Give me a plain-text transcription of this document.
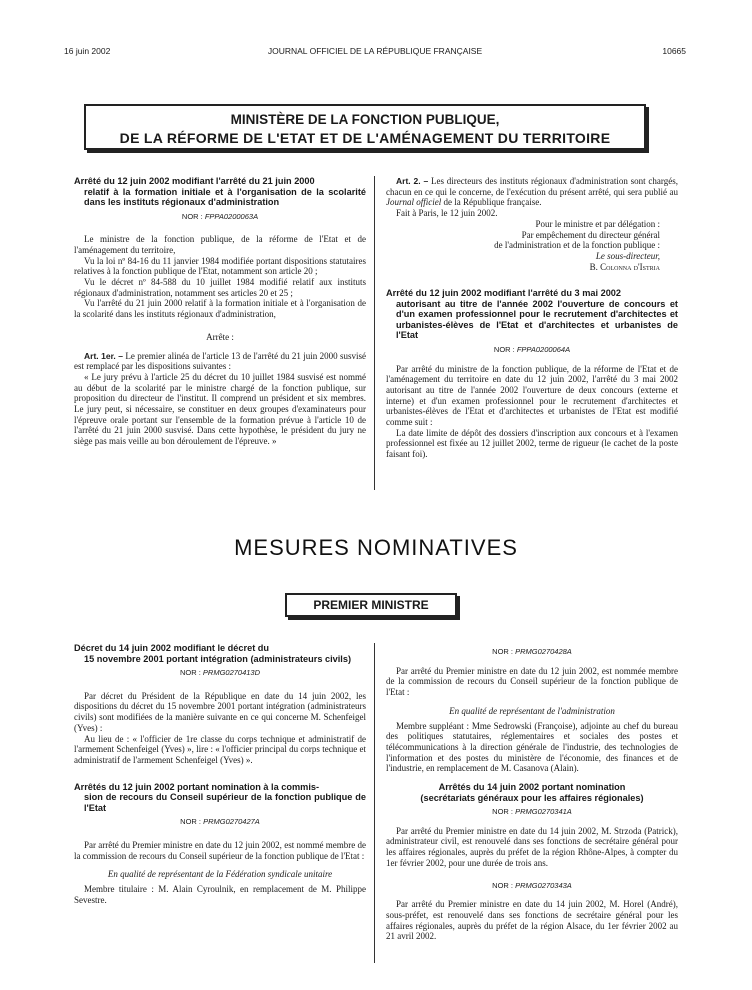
16 juin 2002	JOURNAL OFFICIEL DE LA RÉPUBLIQUE FRANÇAISE	10665
MINISTÈRE DE LA FONCTION PUBLIQUE,
DE LA RÉFORME DE L'ETAT ET DE L'AMÉNAGEMENT DU TERRITOIRE

Arrêté du 12 juin 2002 modifiant l'arrêté du 21 juin 2000
relatif à la formation initiale et à l'organisation de la scolarité dans les instituts régionaux d'administration

NOR : FPPA0200063A

Le ministre de la fonction publique, de la réforme de l'Etat et de l'aménagement du territoire,

Vu la loi nº 84-16 du 11 janvier 1984 modifiée portant dispositions statutaires relatives à la fonction publique de l'Etat, notamment son article 20 ;

Vu le décret nº 84-588 du 10 juillet 1984 modifié relatif aux instituts régionaux d'administration, notamment ses articles 20 et 25 ;

Vu l'arrêté du 21 juin 2000 relatif à la formation initiale et à l'organisation de la scolarité dans les instituts régionaux d'administration,

Arrête :

Art. 1er. – Le premier alinéa de l'article 13 de l'arrêté du 21 juin 2000 susvisé est remplacé par les dispositions suivantes :

« Le jury prévu à l'article 25 du décret du 10 juillet 1984 susvisé est nommé au début de la scolarité par le ministre chargé de la fonction publique, sur proposition du directeur de l'institut. Il comprend un président et six membres. Le jury peut, si nécessaire, se constituer en deux groupes d'examinateurs pour l'épreuve orale portant sur l'ensemble de la formation prévue à l'article 10 de l'arrêté du 21 juin 2000 susvisé. Dans cette hypothèse, le président du jury ne siège pas mais veille au bon déroulement de l'épreuve. »

Art. 2. – Les directeurs des instituts régionaux d'administration sont chargés, chacun en ce qui le concerne, de l'exécution du présent arrêté, qui sera publié au Journal officiel de la République française.

Fait à Paris, le 12 juin 2002.

Pour le ministre et par délégation :

Par empêchement du directeur général

de l'administration et de la fonction publique :

Le sous-directeur,

B. Colonna d'Istria

Arrêté du 12 juin 2002 modifiant l'arrêté du 3 mai 2002
autorisant au titre de l'année 2002 l'ouverture de concours et d'un examen professionnel pour le recrutement d'architectes et urbanistes-élèves de l'Etat et d'architectes et urbanistes de l'Etat

NOR : FPPA0200064A

Par arrêté du ministre de la fonction publique, de la réforme de l'Etat et de l'aménagement du territoire en date du 12 juin 2002, l'arrêté du 3 mai 2002 autorisant au titre de l'année 2002 l'ouverture de deux concours (externe et interne) et d'un examen professionnel pour le recrutement d'architectes et urbanistes-élèves de l'Etat et d'architectes et urbanistes de l'Etat est modifié comme suit :

La date limite de dépôt des dossiers d'inscription aux concours et à l'examen professionnel est fixée au 12 juillet 2002, terme de rigueur (le cachet de la poste faisant foi).

MESURES NOMINATIVES
PREMIER MINISTRE

Décret du 14 juin 2002 modifiant le décret du
15 novembre 2001 portant intégration (administrateurs civils)

NOR : PRMG0270413D

Par décret du Président de la République en date du 14 juin 2002, les dispositions du décret du 15 novembre 2001 portant intégration (administrateurs civils) sont modifiées de la manière suivante en ce qui concerne M. Schenfeigel (Yves) :

Au lieu de : « l'officier de 1re classe du corps technique et administratif de l'armement Schenfeigel (Yves) », lire : « l'officier principal du corps technique et administratif de l'armement Schenfeigel (Yves) ».

Arrêtés du 12 juin 2002 portant nomination à la commis-
sion de recours du Conseil supérieur de la fonction publique de l'Etat

NOR : PRMG0270427A

Par arrêté du Premier ministre en date du 12 juin 2002, est nommé membre de la commission de recours du Conseil supérieur de la fonction publique de l'Etat :

En qualité de représentant de la Fédération syndicale unitaire

Membre titulaire : M. Alain Cyroulnik, en remplacement de M. Philippe Sevestre.

NOR : PRMG0270428A

Par arrêté du Premier ministre en date du 12 juin 2002, est nommée membre de la commission de recours du Conseil supérieur de la fonction publique de l'Etat :

En qualité de représentant de l'administration

Membre suppléant : Mme Sedrowski (Françoise), adjointe au chef du bureau des politiques statutaires, réglementaires et sociales des postes et télécommunications à la direction générale de l'industrie, des technologies de l'information et des postes du ministère de l'économie, des finances et de l'industrie, en remplacement de M. Casanova (Alain).

Arrêtés du 14 juin 2002 portant nomination
(secrétariats généraux pour les affaires régionales)

NOR : PRMG0270341A

Par arrêté du Premier ministre en date du 14 juin 2002, M. Strzoda (Patrick), administrateur civil, est renouvelé dans ses fonctions de secrétaire général pour les affaires régionales, auprès du préfet de la région Rhône-Alpes, à compter du 1er février 2002, pour une durée de trois ans.

NOR : PRMG0270343A

Par arrêté du Premier ministre en date du 14 juin 2002, M. Horel (André), sous-préfet, est renouvelé dans ses fonctions de secrétaire général pour les affaires régionales, auprès du préfet de la région Alsace, du 1er février 2002 au 21 avril 2002.
